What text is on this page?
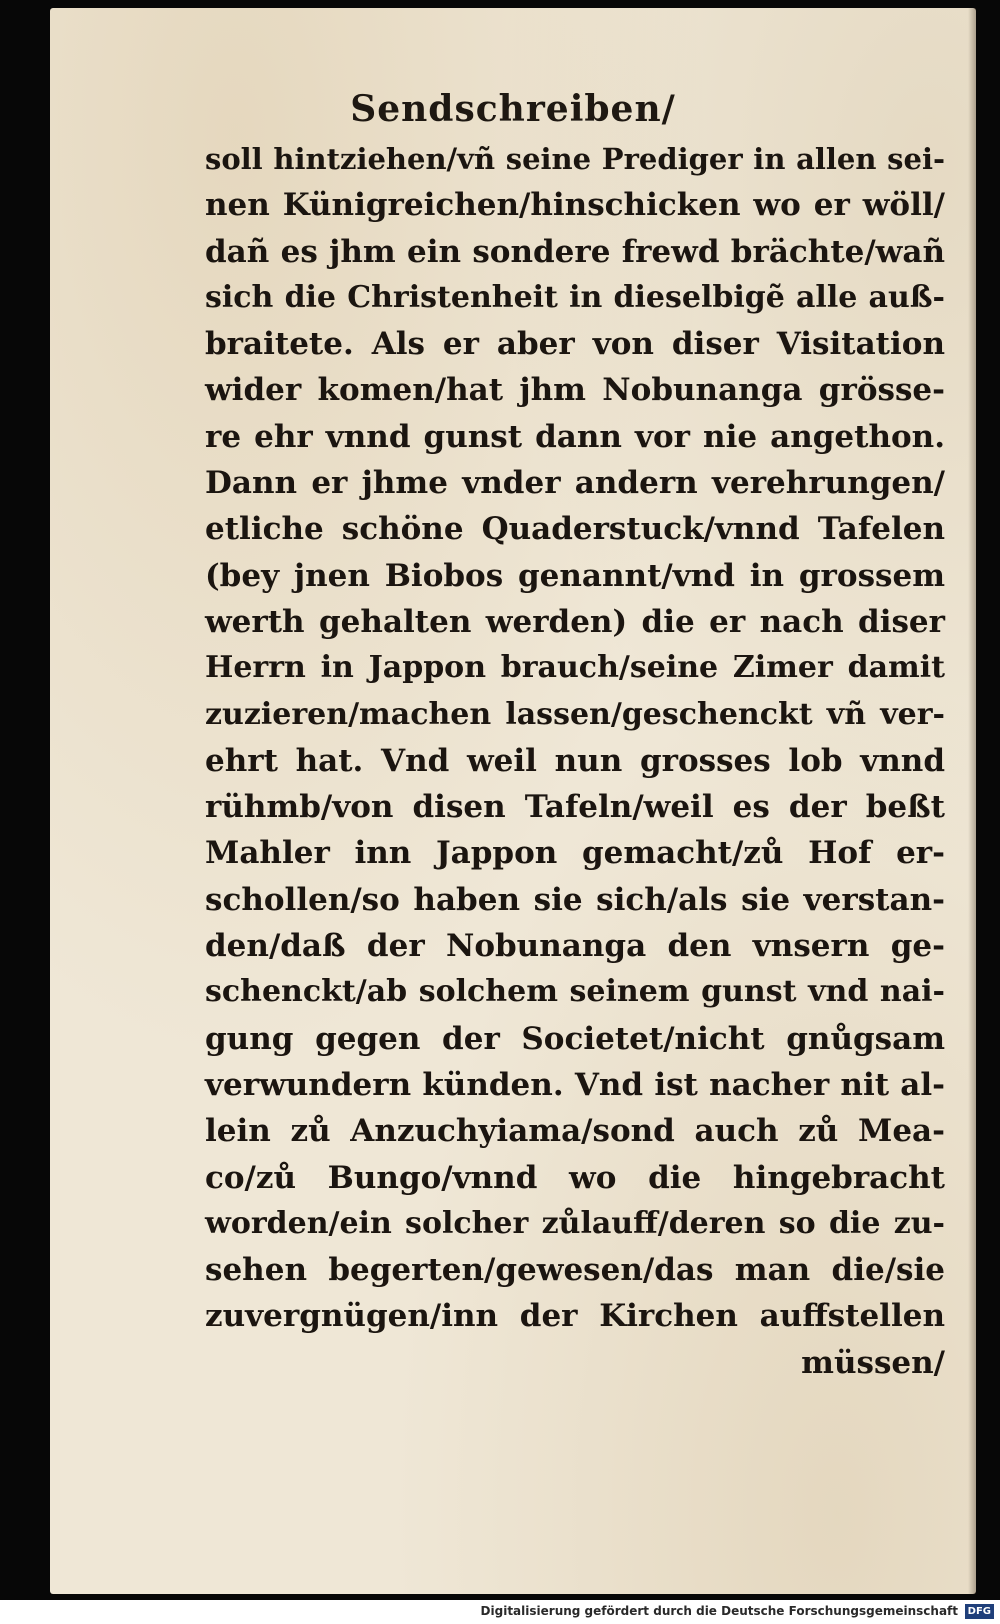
Sendschreiben/
soll hintziehen/vñ seine Prediger in allen sei-
nen Künigreichen/hinschicken wo er wöll/
dañ es jhm ein sondere frewd brächte/wañ
sich die Christenheit in dieselbigẽ alle auß-
braitete. Als er aber von diser Visitation
wider komen/hat jhm Nobunanga grösse-
re ehr vnnd gunst dann vor nie angethon.
Dann er jhme vnder andern verehrungen/
etliche schöne Quaderstuck/vnnd Tafelen
(bey jnen Biobos genannt/vnd in grossem
werth gehalten werden) die er nach diser
Herrn in Jappon brauch/seine Zimer damit
zuzieren/machen lassen/geschenckt vñ ver-
ehrt hat. Vnd weil nun grosses lob vnnd
rühmb/von disen Tafeln/weil es der beßt
Mahler inn Jappon gemacht/zů Hof er-
schollen/so haben sie sich/als sie verstan-
den/daß der Nobunanga den vnsern ge-
schenckt/ab solchem seinem gunst vnd nai-
gung gegen der Societet/nicht gnůgsam
verwundern künden. Vnd ist nacher nit al-
lein zů Anzuchyiama/sond auch zů Mea-
co/zů Bungo/vnnd wo die hingebracht
worden/ein solcher zůlauff/deren so die zu-
sehen begerten/gewesen/das man die/sie
zuvergnügen/inn der Kirchen auffstellen
müssen/
Digitalisierung gefördert durch die Deutsche Forschungsgemeinschaft DFG
